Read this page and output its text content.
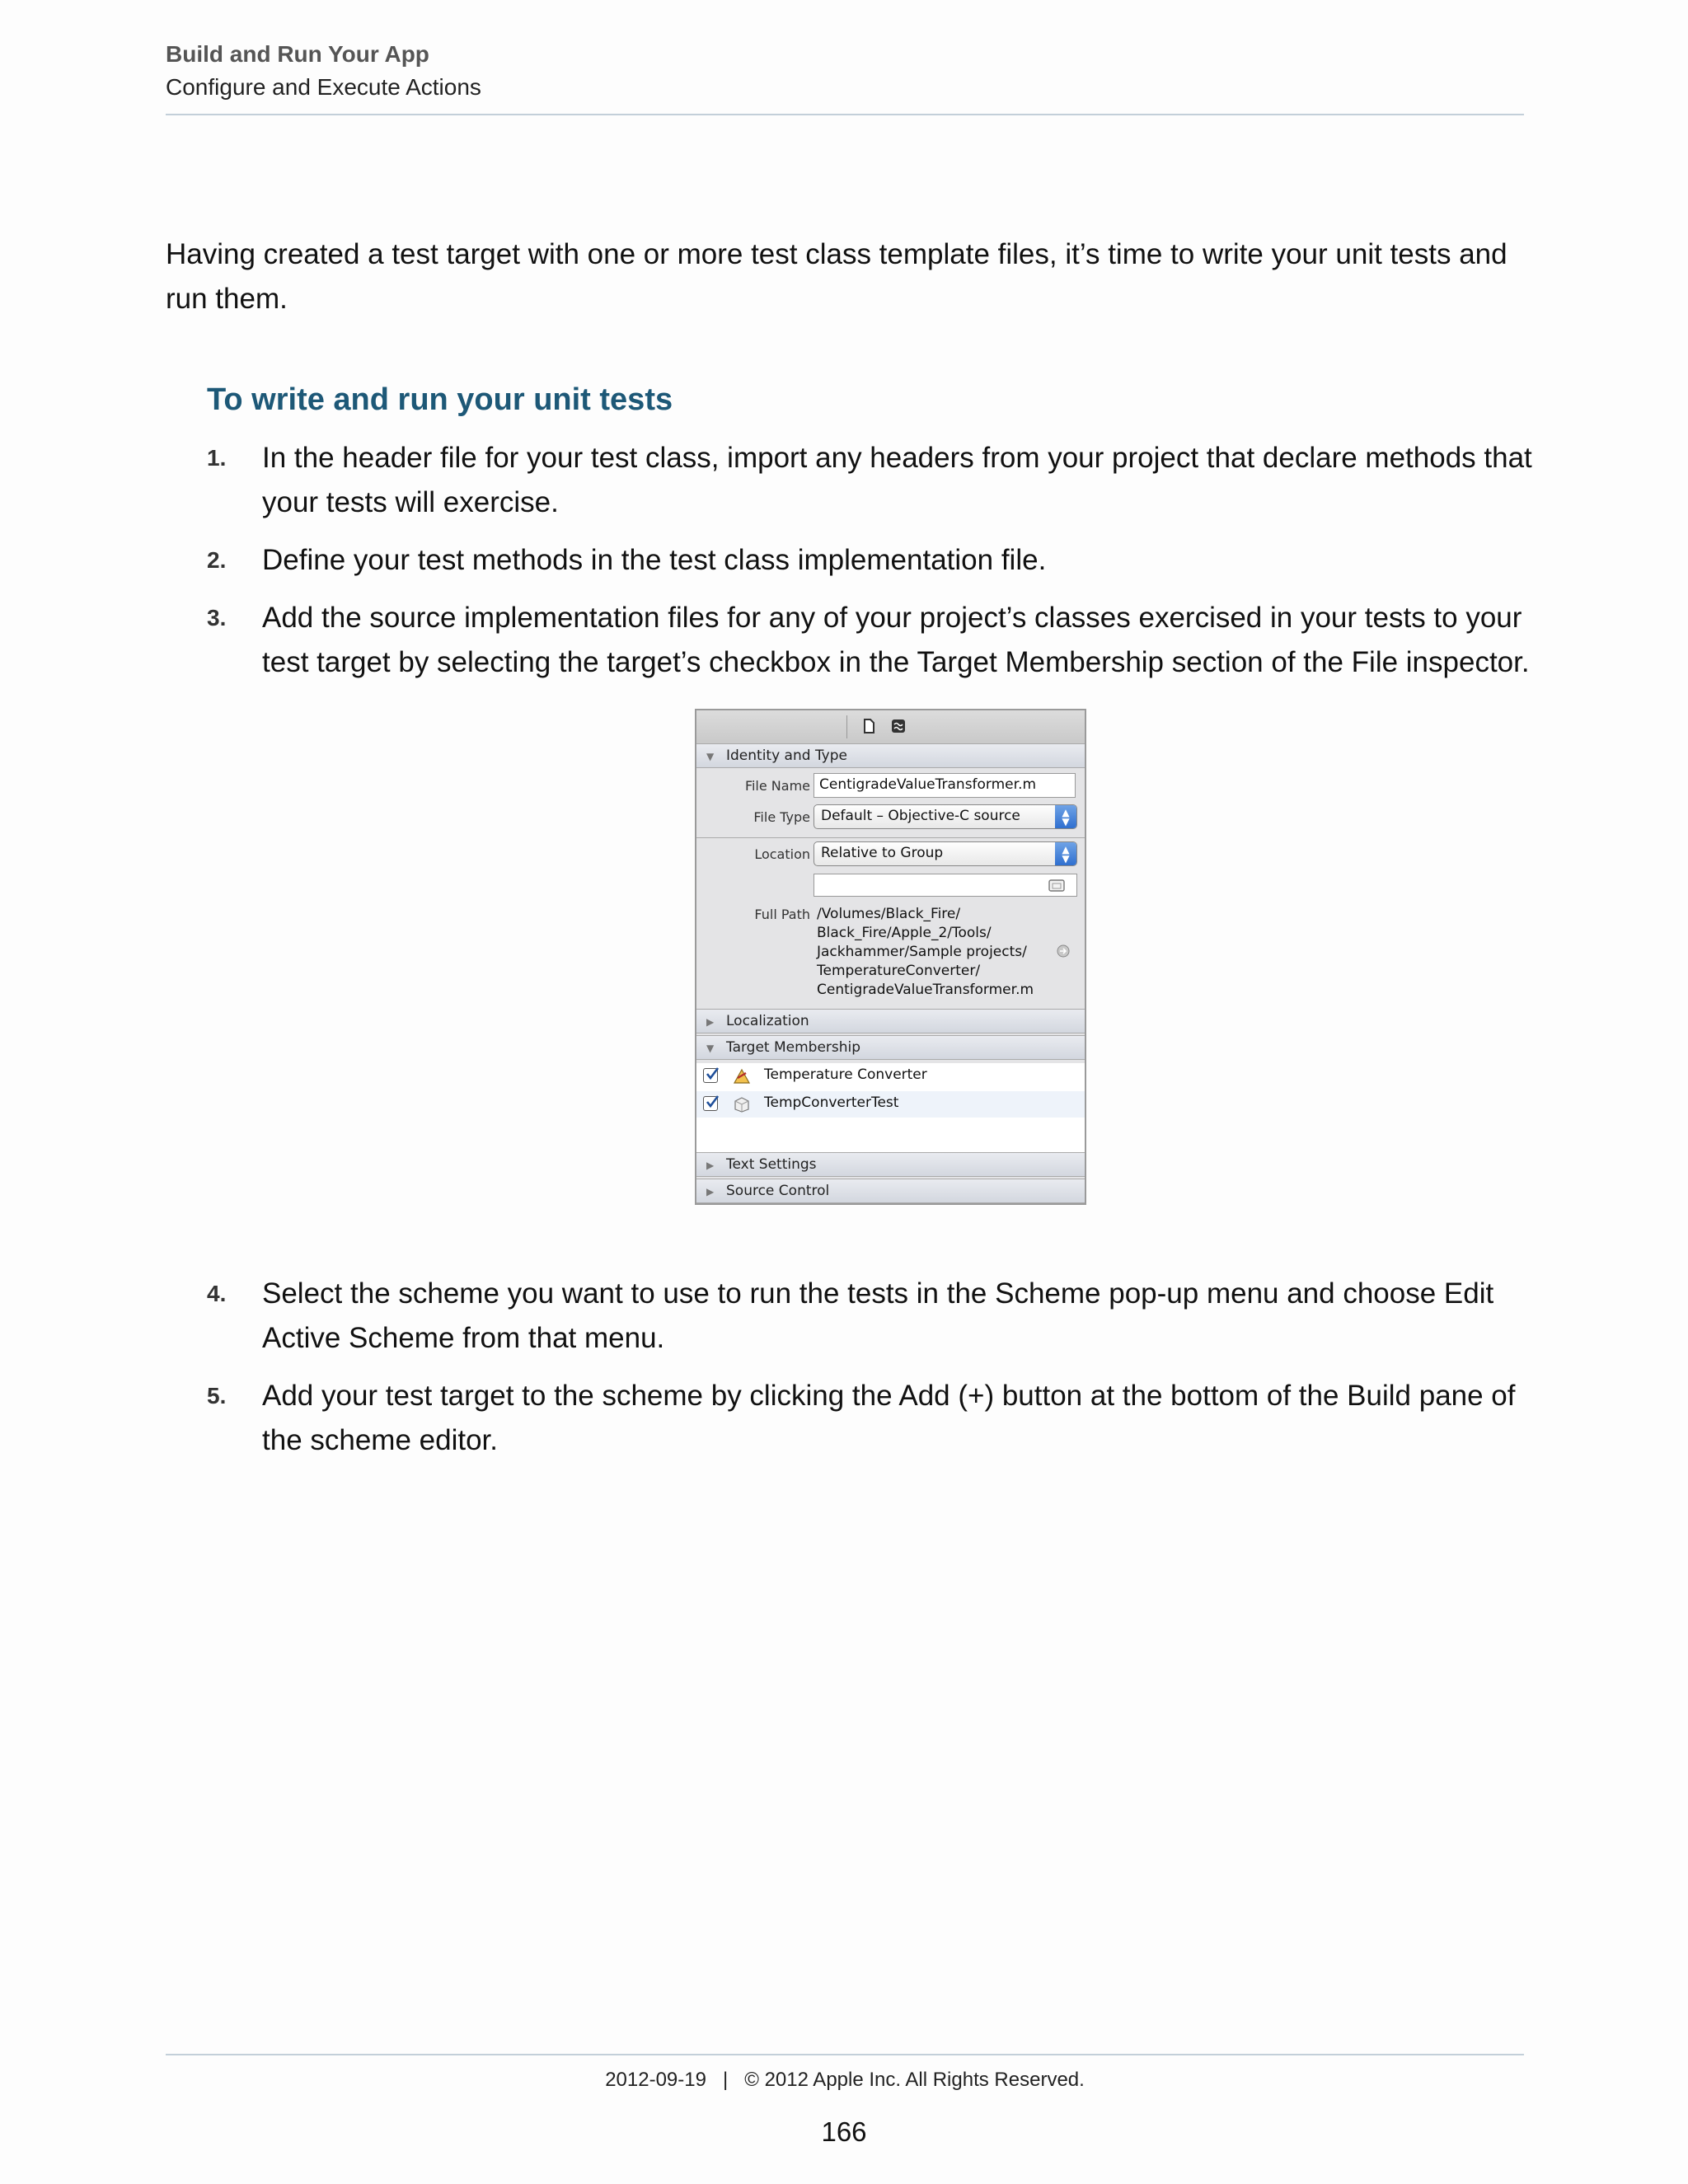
Build and Run Your App
Configure and Execute Actions
Having created a test target with one or more test class template files, it’s time to write your unit tests and run them.
To write and run your unit tests
1. In the header file for your test class, import any headers from your project that declare methods that your tests will exercise.
2. Define your test methods in the test class implementation file.
3. Add the source implementation files for any of your project’s classes exercised in your tests to your test target by selecting the target’s checkbox in the Target Membership section of the File inspector.
▼ Identity and Type
File Name CentigradeValueTransformer.m
File Type Default – Objective-C source	▲
▼
Location Relative to Group	▲
▼
Full Path /Volumes/Black_Fire/
Black_Fire/Apple_2/Tools/
Jackhammer/Sample projects/
TemperatureConverter/
CentigradeValueTransformer.m
▶ Localization
▼ Target Membership
Temperature Converter
TempConverterTest
▶ Text Settings
▶ Source Control
4. Select the scheme you want to use to run the tests in the Scheme pop-up menu and choose Edit Active Scheme from that menu.
5. Add your test target to the scheme by clicking the Add (+) button at the bottom of the Build pane of the scheme editor.
2012-09-19 | © 2012 Apple Inc. All Rights Reserved.
166
